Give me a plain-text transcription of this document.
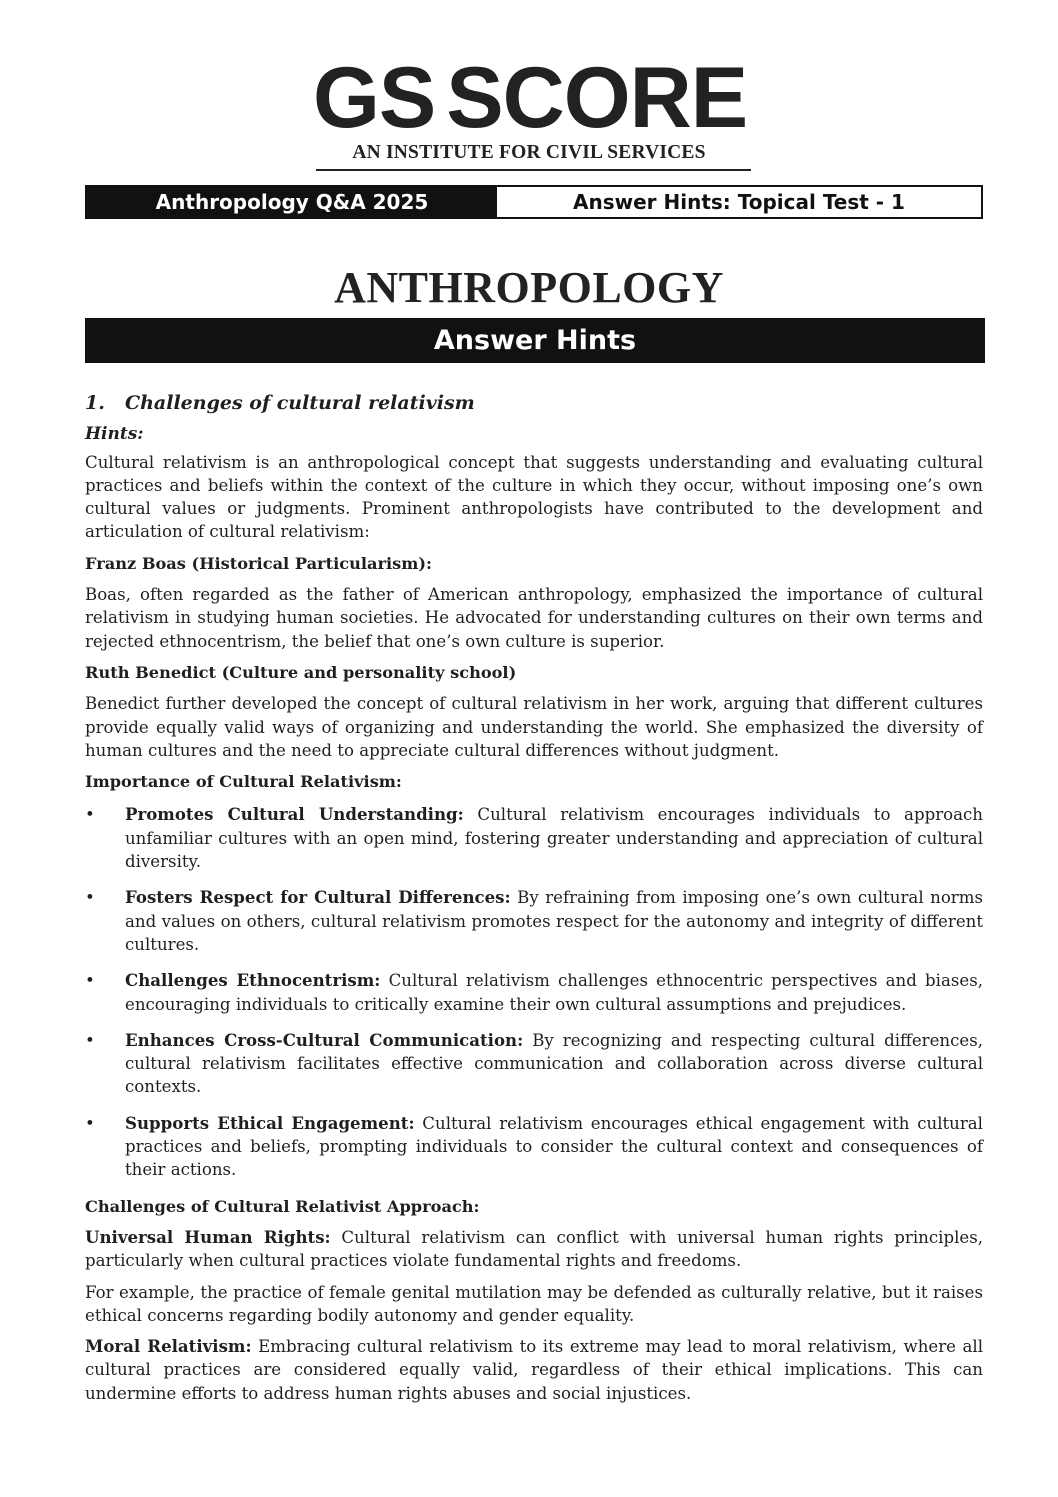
GS SCORE
AN INSTITUTE FOR CIVIL SERVICES
Anthropology Q&A 2025	Answer Hints: Topical Test - 1
ANTHROPOLOGY
Answer Hints
1. Challenges of cultural relativism
Hints:

Cultural relativism is an anthropological concept that suggests understanding and evaluating cultural practices and beliefs within the context of the culture in which they occur, without imposing one’s own cultural values or judgments. Prominent anthropologists have contributed to the development and articulation of cultural relativism:

Franz Boas (Historical Particularism):

Boas, often regarded as the father of American anthropology, emphasized the importance of cultural relativism in studying human societies. He advocated for understanding cultures on their own terms and rejected ethnocentrism, the belief that one’s own culture is superior.

Ruth Benedict (Culture and personality school)

Benedict further developed the concept of cultural relativism in her work, arguing that different cultures provide equally valid ways of organizing and understanding the world. She emphasized the diversity of human cultures and the need to appreciate cultural differences without judgment.

Importance of Cultural Relativism:
• Promotes Cultural Understanding: Cultural relativism encourages individuals to approach unfamiliar cultures with an open mind, fostering greater understanding and appreciation of cultural diversity.
• Fosters Respect for Cultural Differences: By refraining from imposing one’s own cultural norms and values on others, cultural relativism promotes respect for the autonomy and integrity of different cultures.
• Challenges Ethnocentrism: Cultural relativism challenges ethnocentric perspectives and biases, encouraging individuals to critically examine their own cultural assumptions and prejudices.
• Enhances Cross-Cultural Communication: By recognizing and respecting cultural differences, cultural relativism facilitates effective communication and collaboration across diverse cultural contexts.
• Supports Ethical Engagement: Cultural relativism encourages ethical engagement with cultural practices and beliefs, prompting individuals to consider the cultural context and consequences of their actions.
Challenges of Cultural Relativist Approach:

Universal Human Rights: Cultural relativism can conflict with universal human rights principles, particularly when cultural practices violate fundamental rights and freedoms.

For example, the practice of female genital mutilation may be defended as culturally relative, but it raises ethical concerns regarding bodily autonomy and gender equality.

Moral Relativism: Embracing cultural relativism to its extreme may lead to moral relativism, where all cultural practices are considered equally valid, regardless of their ethical implications. This can undermine efforts to address human rights abuses and social injustices.
